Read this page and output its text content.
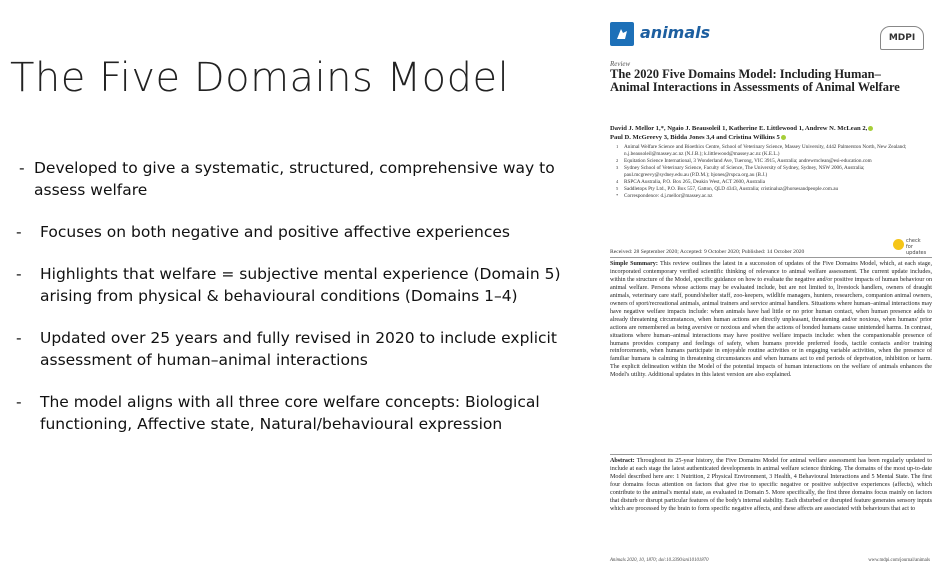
The Five Domains Model
- Developed to give a systematic, structured, comprehensive way to assess welfare
- Focuses on both negative and positive affective experiences
- Highlights that welfare = subjective mental experience (Domain 5) arising from physical & behavioural conditions (Domains 1–4)
- Updated over 25 years and fully revised in 2020 to include explicit assessment of human–animal interactions
- The model aligns with all three core welfare concepts: Biological functioning, Affective state, Natural/behavioural expression
animals	MDPI
Review
The 2020 Five Domains Model: Including Human–Animal Interactions in Assessments of Animal Welfare
David J. Mellor 1,*, Ngaio J. Beausoleil 1, Katherine E. Littlewood 1, Andrew N. McLean 2,
Paul D. McGreevy 3, Bidda Jones 3,4 and Cristina Wilkins 5
1 Animal Welfare Science and Bioethics Centre, School of Veterinary Science, Massey University, 4442 Palmerston North, New Zealand; n.j.beausoleil@massey.ac.nz (N.J.B.); k.littlewood@massey.ac.nz (K.E.L.)
2 Equitation Science International, 3 Wonderland Ave, Tuerong, VIC 3915, Australia; andrewmclean@esi-education.com
3 Sydney School of Veterinary Science, Faculty of Science, The University of Sydney, Sydney, NSW 2006, Australia; paul.mcgreevy@sydney.edu.au (P.D.M.); bjones@rspca.org.au (B.J.)
4 RSPCA Australia, P.O. Box 265, Deakin West, ACT 2600, Australia
5 Saddletops Pty Ltd., P.O. Box 557, Gatton, QLD 4343, Australia; cristinaluz@horsesandpeople.com.au
* Correspondence: d.j.mellor@massey.ac.nz
Received: 28 September 2020; Accepted: 9 October 2020; Published: 14 October 2020
check for updates
Simple Summary: This review outlines the latest in a succession of updates of the Five Domains Model, which, at each stage, incorporated contemporary verified scientific thinking of relevance to animal welfare assessment. The current update includes, within the structure of the Model, specific guidance on how to evaluate the negative and/or positive impacts of human behaviour on animal welfare. Persons whose actions may be evaluated include, but are not limited to, livestock handlers, owners of draught animals, veterinary care staff, pound/shelter staff, zoo-keepers, wildlife managers, hunters, researchers, companion animal owners, owners of sport/recreational animals, animal trainers and service animal handlers. Situations where human–animal interactions may have negative welfare impacts include: when animals have had little or no prior human contact, when human presence adds to already threatening circumstances, when human actions are directly unpleasant, threatening and/or noxious, when humans' prior actions are remembered as being aversive or noxious and when the actions of bonded humans cause unintended harms. In contrast, situations where human–animal interactions may have positive welfare impacts include: when the companionable presence of humans provides company and feelings of safety, when humans provide preferred foods, tactile contacts and/or training reinforcements, when humans participate in enjoyable routine activities or in engaging variable activities, when the presence of familiar humans is calming in threatening circumstances and when humans act to end periods of deprivation, inhibition or harm. The explicit delineation within the Model of the potential impacts of human interactions on the welfare of animals enhances the Model's utility. Additional updates in this latest version are also explained.
Abstract: Throughout its 25-year history, the Five Domains Model for animal welfare assessment has been regularly updated to include at each stage the latest authenticated developments in animal welfare science thinking. The domains of the most up-to-date Model described here are: 1 Nutrition, 2 Physical Environment, 3 Health, 4 Behavioural Interactions and 5 Mental State. The first four domains focus attention on factors that give rise to specific negative or positive subjective experiences (affects), which contribute to the animal's mental state, as evaluated in Domain 5. More specifically, the first three domains focus mainly on factors that disturb or disrupt particular features of the body's internal stability. Each disturbed or disrupted feature generates sensory inputs which are processed by the brain to form specific negative affects, and these affects are associated with behaviours that act to
Animals 2020, 10, 1870; doi:10.3390/ani10101870	www.mdpi.com/journal/animals
